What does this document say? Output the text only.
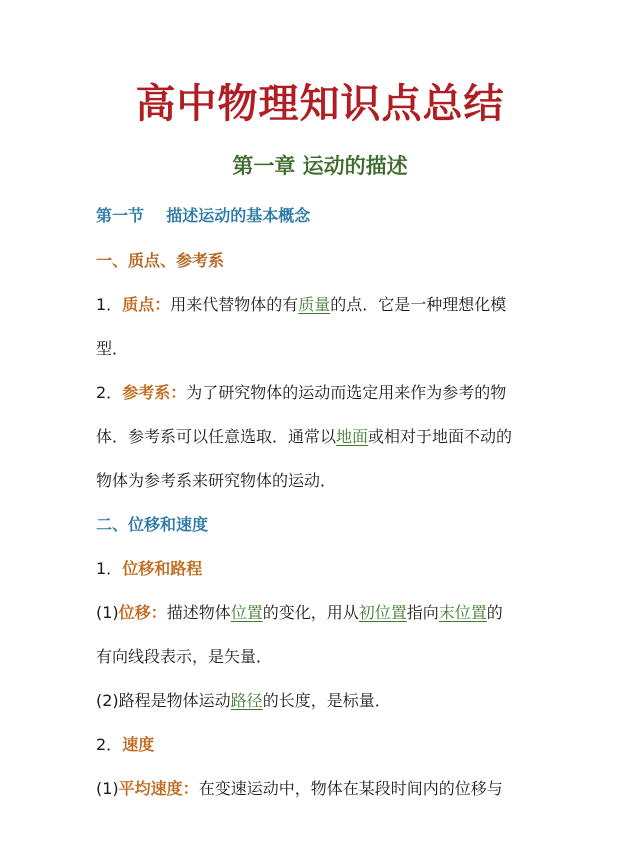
高中物理知识点总结
第一章 运动的描述
第一节    描述运动的基本概念
一、质点、参考系
1．质点：用来代替物体的有质量的点．它是一种理想化模
型．
2．参考系：为了研究物体的运动而选定用来作为参考的物
体．参考系可以任意选取．通常以地面或相对于地面不动的
物体为参考系来研究物体的运动．
二、位移和速度
1．位移和路程
(1)位移：描述物体位置的变化，用从初位置指向末位置的
有向线段表示，是矢量．
(2)路程是物体运动路径的长度，是标量．
2．速度
(1)平均速度：在变速运动中，物体在某段时间内的位移与
